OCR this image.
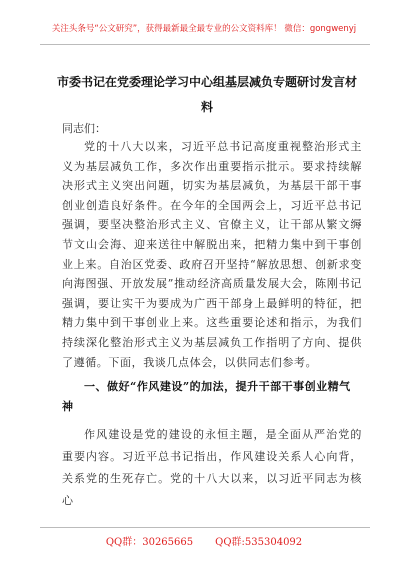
关注头条号“公文研究”，获得最新最全最专业的公文资料库！ 微信：gongwenyj
市委书记在党委理论学习中心组基层减负专题研讨发言材料
同志们：
党的十八大以来，习近平总书记高度重视整治形式主义为基层减负工作，多次作出重要指示批示。要求持续解决形式主义突出问题，切实为基层减负，为基层干部干事创业创造良好条件。在今年的全国两会上，习近平总书记强调，要坚决整治形式主义、官僚主义，让干部从繁文缛节文山会海、迎来送往中解脱出来，把精力集中到干事创业上来。自治区党委、政府召开坚持“解放思想、创新求变向海图强、开放发展”推动经济高质量发展大会，陈刚书记强调，要让实干为要成为广西干部身上最鲜明的特征，把精力集中到干事创业上来。这些重要论述和指示，为我们持续深化整治形式主义为基层减负工作指明了方向、提供了遵循。下面，我谈几点体会，以供同志们参考。
一、做好“作风建设”的加法，提升干部干事创业精气神
作风建设是党的建设的永恒主题，是全面从严治党的重要内容。习近平总书记指出，作风建设关系人心向背，关系党的生死存亡。党的十八大以来，以习近平同志为核心
QQ群：30265665 QQ群:535304092
